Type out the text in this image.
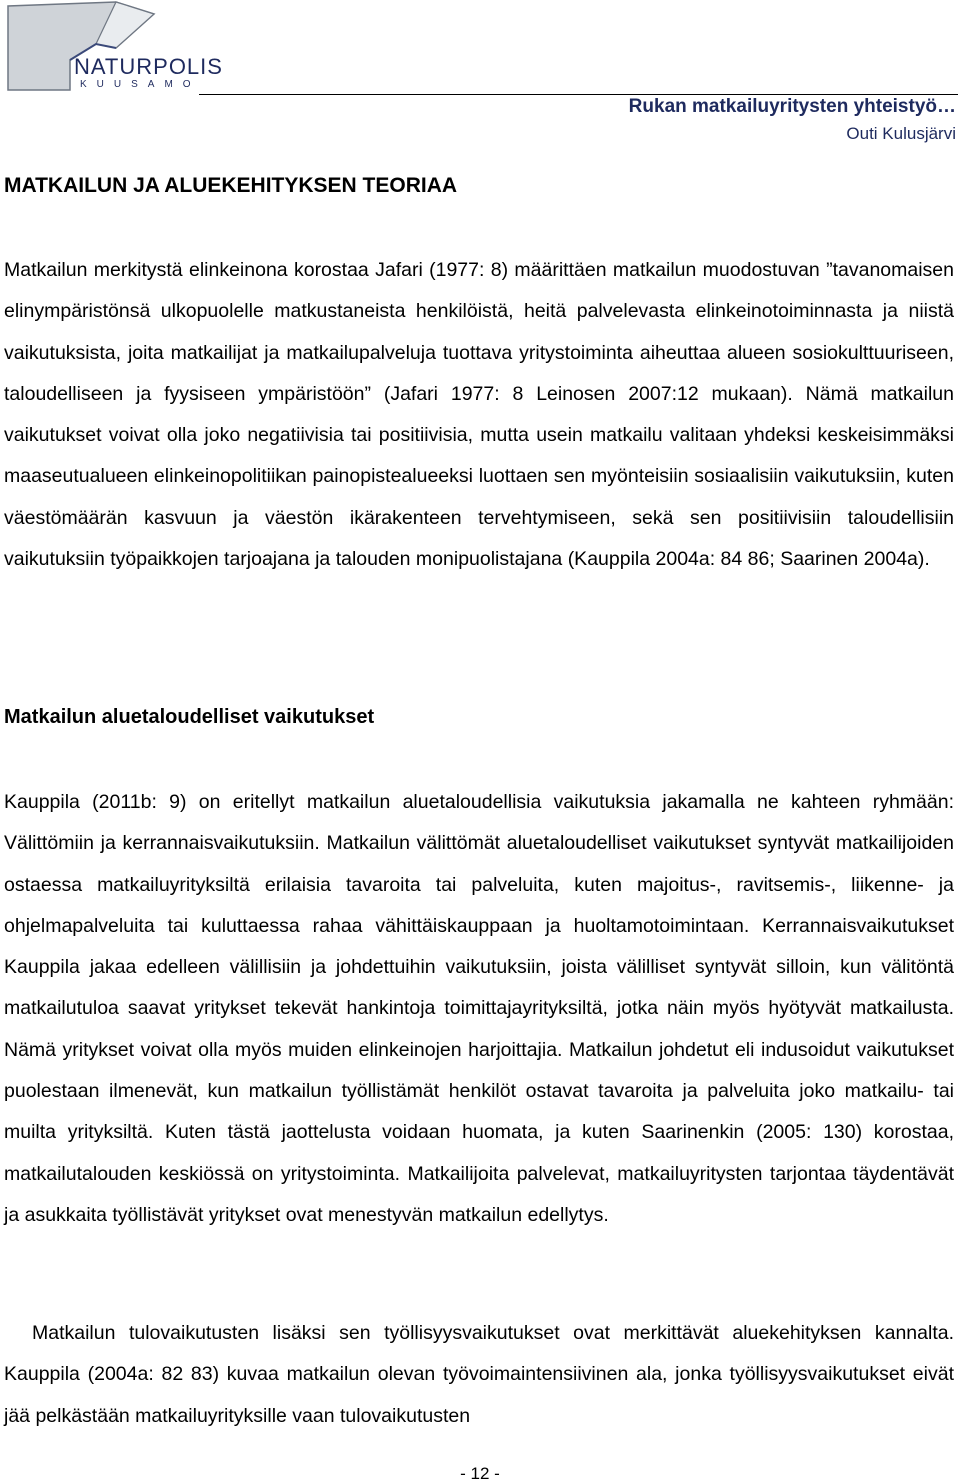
NATURPOLIS
KUUSAMO
Rukan matkailuyritysten yhteistyö…
Outi Kulusjärvi
MATKAILUN JA ALUEKEHITYKSEN TEORIAA

Matkailun merkitystä elinkeinona korostaa Jafari (1977: 8) määrittäen matkailun muodostuvan ”tavanomaisen elinympäristönsä ulkopuolelle matkustaneista henkilöistä, heitä palvelevasta elinkeinotoiminnasta ja niistä vaikutuksista, joita matkailijat ja matkailupalveluja tuottava yritystoiminta aiheuttaa alueen sosiokulttuuriseen, taloudelliseen ja fyysiseen ympäristöön” (Jafari 1977: 8 Leinosen 2007:12 mukaan). Nämä matkailun vaikutukset voivat olla joko negatiivisia tai positiivisia, mutta usein matkailu valitaan yhdeksi keskeisimmäksi maaseutualueen elinkeinopolitiikan painopistealueeksi luottaen sen myönteisiin sosiaalisiin vaikutuksiin, kuten väestömäärän kasvuun ja väestön ikärakenteen tervehtymiseen, sekä sen positiivisiin taloudellisiin vaikutuksiin työpaikkojen tarjoajana ja talouden monipuolistajana (Kauppila 2004a: 84 86; Saarinen 2004a).

Matkailun aluetaloudelliset vaikutukset

Kauppila (2011b: 9) on eritellyt matkailun aluetaloudellisia vaikutuksia jakamalla ne kahteen ryhmään: Välittömiin ja kerrannaisvaikutuksiin. Matkailun välittömät aluetaloudelliset vaikutukset syntyvät matkailijoiden ostaessa matkailuyrityksiltä erilaisia tavaroita tai palveluita, kuten majoitus-, ravitsemis-, liikenne- ja ohjelmapalveluita tai kuluttaessa rahaa vähittäiskauppaan ja huoltamotoimintaan. Kerrannaisvaikutukset Kauppila jakaa edelleen välillisiin ja johdettuihin vaikutuksiin, joista välilliset syntyvät silloin, kun välitöntä matkailutuloa saavat yritykset tekevät hankintoja toimittajayrityksiltä, jotka näin myös hyötyvät matkailusta. Nämä yritykset voivat olla myös muiden elinkeinojen harjoittajia. Matkailun johdetut eli indusoidut vaikutukset puolestaan ilmenevät, kun matkailun työllistämät henkilöt ostavat tavaroita ja palveluita joko matkailu- tai muilta yrityksiltä. Kuten tästä jaottelusta voidaan huomata, ja kuten Saarinenkin (2005: 130) korostaa, matkailutalouden keskiössä on yritystoiminta. Matkailijoita palvelevat, matkailuyritysten tarjontaa täydentävät ja asukkaita työllistävät yritykset ovat menestyvän matkailun edellytys.

Matkailun tulovaikutusten lisäksi sen työllisyysvaikutukset ovat merkittävät aluekehityksen kannalta. Kauppila (2004a: 82 83) kuvaa matkailun olevan työvoimaintensiivinen ala, jonka työllisyysvaikutukset eivät jää pelkästään matkailuyrityksille vaan tulovaikutusten

- 12 -
